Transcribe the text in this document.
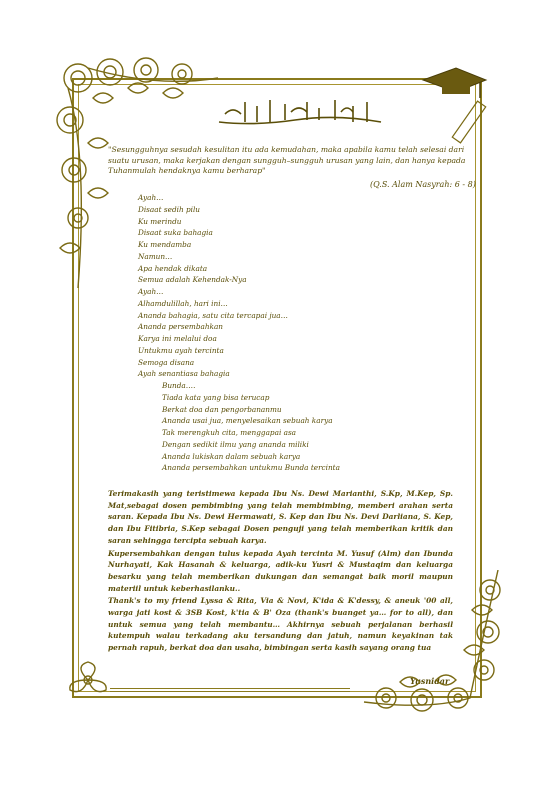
"Sesungguhnya sesudah kesulitan itu ada kemudahan, maka apabila kamu telah selesai dari suatu urusan, maka kerjakan dengan sungguh–sungguh urusan yang lain, dan hanya kepada Tuhanmulah hendaknya kamu berharap"
(Q.S. Alam Nasyrah: 6 - 8)
Ayah…
Disaat sedih pilu
Ku merindu
Disaat suka bahagia
Ku mendamba
Namun…
Apa hendak dikata
Semua adalah Kehendak-Nya
Ayah…
Alhamdulillah, hari ini…
Ananda bahagia, satu cita tercapai jua…
Ananda persembahkan
Karya ini melalui doa
Untukmu ayah tercinta
Semoga disana
Ayah senantiasa bahagia
Bunda….
Tiada kata yang bisa terucap
Berkat doa dan pengorbananmu
Ananda usai jua, menyelesaikan sebuah karya
Tak merengkuh cita, menggapai asa
Dengan sedikit ilmu yang ananda miliki
Ananda lukiskan dalam sebuah karya
Ananda persembahkan untukmu Bunda tercinta

Terimakasih yang teristimewa kepada Ibu Ns. Dewi Marianthi, S.Kp, M.Kep, Sp. Mat,sebagai dosen pembimbing yang telah membimbing, memberi arahan serta saran. Kepada Ibu Ns. Dewi Hermawati, S. Kep dan Ibu Ns. Devi Darliana, S. Kep, dan Ibu Fitibria, S.Kep sebagai Dosen penguji yang telah memberikan kritik dan saran sehingga tercipta sebuah karya.

Kupersembahkan dengan tulus kepada Ayah tercinta M. Yusuf (Alm) dan Ibunda Nurhayati, Kak Hasanah & keluarga, adik-ku Yusri & Mustaqim dan keluarga besarku yang telah memberikan dukungan dan semangat baik moril maupun materiil untuk keberhasilanku..

Thank's to my friend Lyssa & Rita, Via & Novi, K'ida & K'dessy, & aneuk '00 all, warga jati kost & 3SB Kost, k'tia & B' Oza (thank's buanget ya… for to all), dan untuk semua yang telah membantu… Akhirnya sebuah perjalanan berhasil kutempuh walau terkadang aku tersandung dan jatuh, namun keyakinan tak pernah rapuh, berkat doa dan usaha, bimbingan serta kasih sayang orang tua

Yusnidar
